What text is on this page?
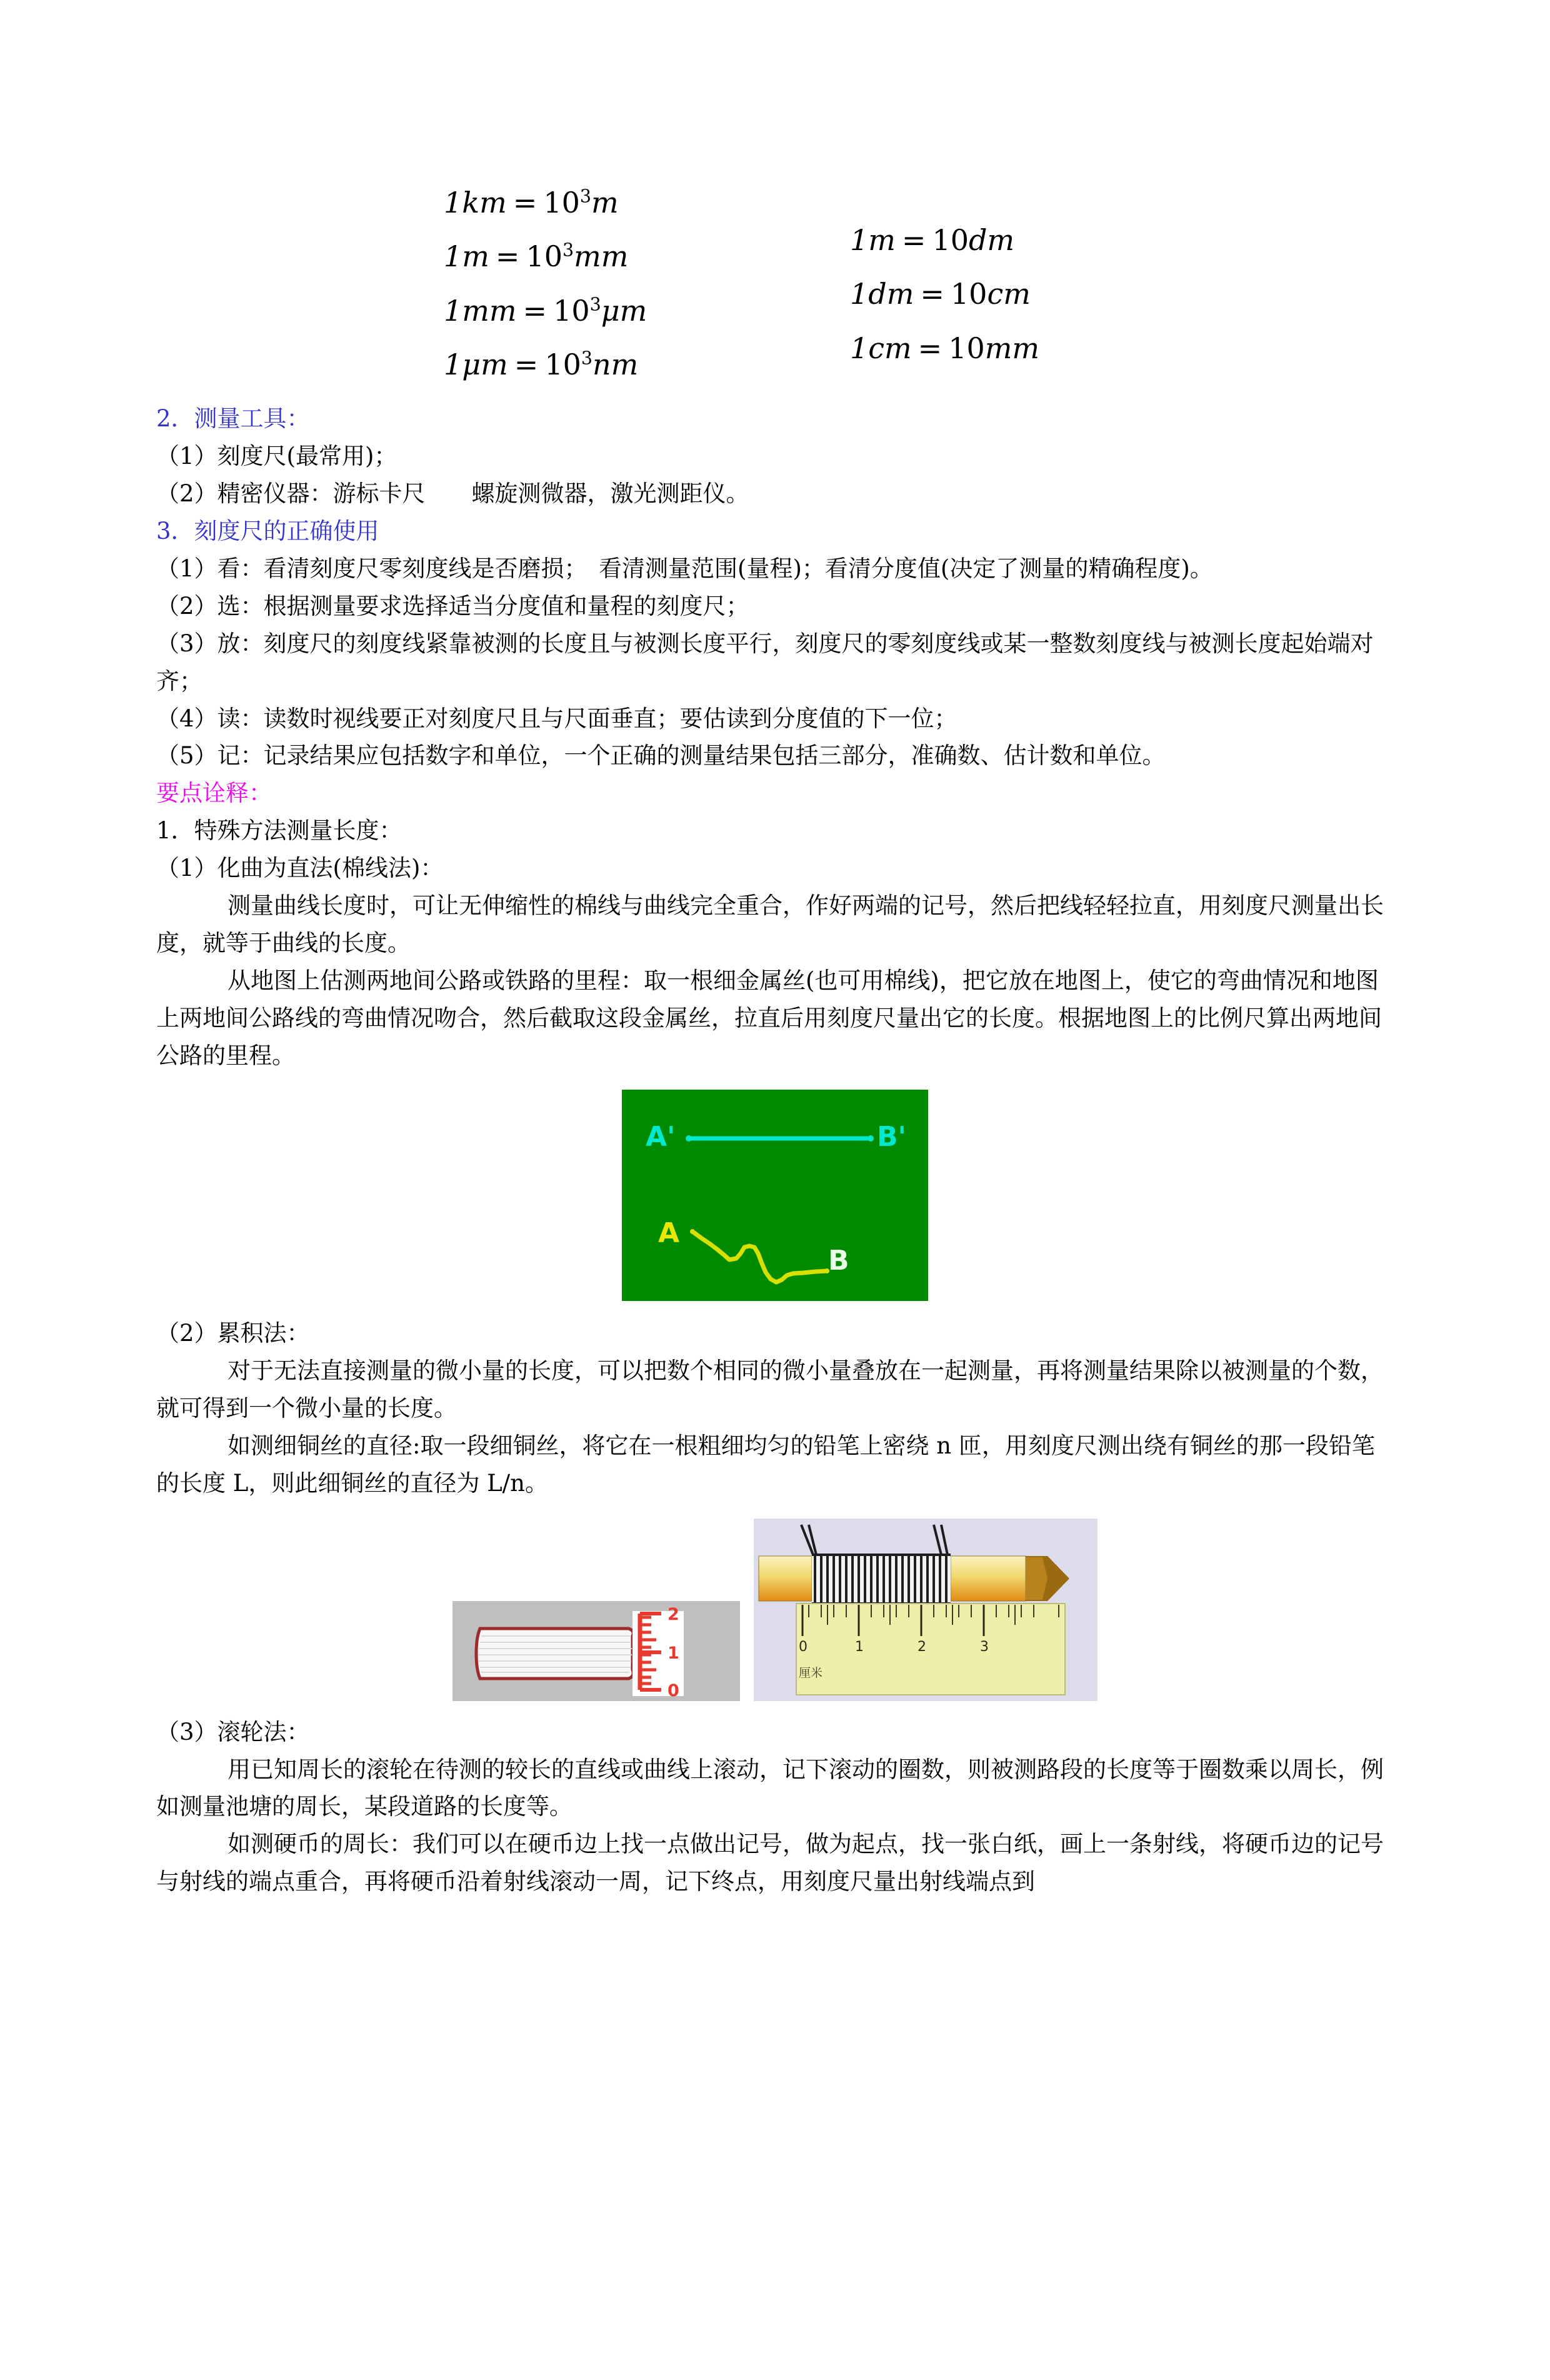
$1km = 10^3m$
$1m = 10^3mm$
$1mm = 10^3\mu m$
$1\mu m = 10^3nm$
1m = 10dm
1dm = 10cm
1cm = 10mm

2．测量工具：

（1）刻度尺(最常用)；

（2）精密仪器：游标卡尺　　螺旋测微器，激光测距仪。

3．刻度尺的正确使用

（1）看：看清刻度尺零刻度线是否磨损；　看清测量范围(量程)；看清分度值(决定了测量的精确程度)。

（2）选：根据测量要求选择适当分度值和量程的刻度尺；

（3）放：刻度尺的刻度线紧靠被测的长度且与被测长度平行，刻度尺的零刻度线或某一整数刻度线与被测长度起始端对齐；

（4）读：读数时视线要正对刻度尺且与尺面垂直；要估读到分度值的下一位；

（5）记：记录结果应包括数字和单位，一个正确的测量结果包括三部分，准确数、估计数和单位。

要点诠释：

1．特殊方法测量长度：

（1）化曲为直法(棉线法)：

测量曲线长度时，可让无伸缩性的棉线与曲线完全重合，作好两端的记号，然后把线轻轻拉直，用刻度尺测量出长度，就等于曲线的长度。

从地图上估测两地间公路或铁路的里程：取一根细金属丝(也可用棉线)，把它放在地图上，使它的弯曲情况和地图上两地间公路线的弯曲情况吻合，然后截取这段金属丝，拉直后用刻度尺量出它的长度。根据地图上的比例尺算出两地间公路的里程。

A'	B'
A
B

（2）累积法：

对于无法直接测量的微小量的长度，可以把数个相同的微小量叠放在一起测量，再将测量结果除以被测量的个数，就可得到一个微小量的长度。

如测细铜丝的直径:取一段细铜丝，将它在一根粗细均匀的铅笔上密绕 n 匝，用刻度尺测出绕有铜丝的那一段铅笔的长度 L，则此细铜丝的直径为 L/n。

2
1
0
0	1	2	3
厘米

（3）滚轮法：

用已知周长的滚轮在待测的较长的直线或曲线上滚动，记下滚动的圈数，则被测路段的长度等于圈数乘以周长，例如测量池塘的周长，某段道路的长度等。

如测硬币的周长：我们可以在硬币边上找一点做出记号，做为起点，找一张白纸，画上一条射线，将硬币边的记号与射线的端点重合，再将硬币沿着射线滚动一周，记下终点，用刻度尺量出射线端点到
